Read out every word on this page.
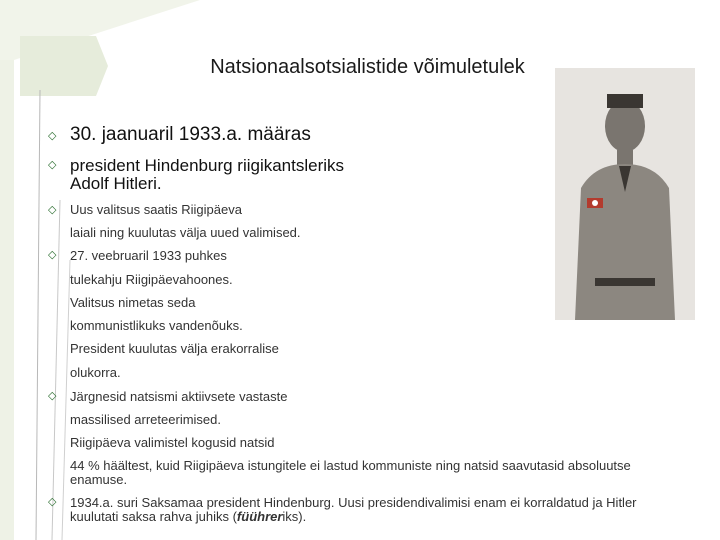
Natsionaalsotsialistide võimuletulek
◇
◇
◇
◇
◇
◇
30. jaanuaril 1933.a. määras
president Hindenburg riigikantsleriks
Adolf Hitleri.
Uus valitsus saatis Riigipäeva
laiali ning kuulutas välja uued valimised.
27. veebruaril 1933 puhkes
tulekahju Riigipäevahoones.
Valitsus nimetas seda
kommunistlikuks vandenõuks.
President kuulutas välja erakorralise
olukorra.
Järgnesid natsismi aktiivsete vastaste
massilised arreteerimised.
Riigipäeva valimistel kogusid natsid
44 % häältest, kuid Riigipäeva istungitele ei lastud kommuniste ning natsid saavutasid absoluutse enamuse.
1934.a. suri Saksamaa president Hindenburg. Uusi presidendivalimisi enam ei korraldatud ja Hitler kuulutati saksa rahva juhiks (füühreriks).
